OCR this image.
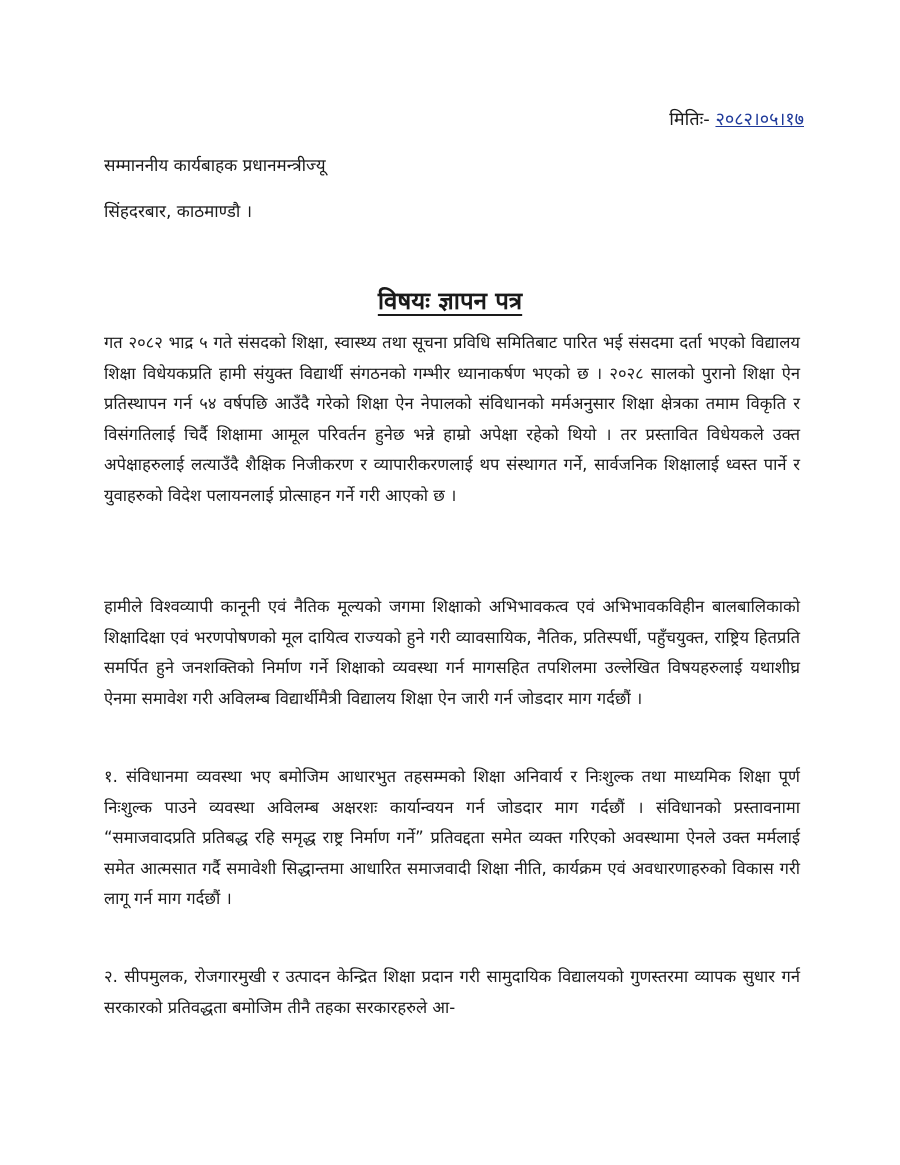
मितिः- २०८२।०५।१७
सम्माननीय कार्यबाहक प्रधानमन्त्रीज्यू
सिंहदरबार, काठमाण्डौ ।
विषयः ज्ञापन पत्र

गत २०८२ भाद्र ५ गते संसदको शिक्षा, स्वास्थ्य तथा सूचना प्रविधि समितिबाट पारित भई संसदमा दर्ता भएको विद्यालय शिक्षा विधेयकप्रति हामी संयुक्त विद्यार्थी संगठनको गम्भीर ध्यानाकर्षण भएको छ । २०२८ सालको पुरानो शिक्षा ऐन प्रतिस्थापन गर्न ५४ वर्षपछि आउँदै गरेको शिक्षा ऐन नेपालको संविधानको मर्मअनुसार शिक्षा क्षेत्रका तमाम विकृति र विसंगतिलाई चिर्दै शिक्षामा आमूल परिवर्तन हुनेछ भन्ने हाम्रो अपेक्षा रहेको थियो । तर प्रस्तावित विधेयकले उक्त अपेक्षाहरुलाई लत्याउँदै शैक्षिक निजीकरण र व्यापारीकरणलाई थप संस्थागत गर्ने, सार्वजनिक शिक्षालाई ध्वस्त पार्ने र युवाहरुको विदेश पलायनलाई प्रोत्साहन गर्ने गरी आएको छ ।

हामीले विश्वव्यापी कानूनी एवं नैतिक मूल्यको जगमा शिक्षाको अभिभावकत्व एवं अभिभावकविहीन बालबालिकाको शिक्षादिक्षा एवं भरणपोषणको मूल दायित्व राज्यको हुने गरी व्यावसायिक, नैतिक, प्रतिस्पर्धी, पहुँचयुक्त, राष्ट्रिय हितप्रति समर्पित हुने जनशक्तिको निर्माण गर्ने शिक्षाको व्यवस्था गर्न मागसहित तपशिलमा उल्लेखित विषयहरुलाई यथाशीघ्र ऐनमा समावेश गरी अविलम्ब विद्यार्थीमैत्री विद्यालय शिक्षा ऐन जारी गर्न जोडदार माग गर्दछौं ।

१. संविधानमा व्यवस्था भए बमोजिम आधारभुत तहसम्मको शिक्षा अनिवार्य र निःशुल्क तथा माध्यमिक शिक्षा पूर्ण निःशुल्क पाउने व्यवस्था अविलम्ब अक्षरशः कार्यान्वयन गर्न जोडदार माग गर्दछौं । संविधानको प्रस्तावनामा “समाजवादप्रति प्रतिबद्ध रहि समृद्ध राष्ट्र निर्माण गर्ने” प्रतिवद्दता समेत व्यक्त गरिएको अवस्थामा ऐनले उक्त मर्मलाई समेत आत्मसात गर्दै समावेशी सिद्धान्तमा आधारित समाजवादी शिक्षा नीति, कार्यक्रम एवं अवधारणाहरुको विकास गरी लागू गर्न माग गर्दछौं ।

२. सीपमुलक, रोजगारमुखी र उत्पादन केन्द्रित शिक्षा प्रदान गरी सामुदायिक विद्यालयको गुणस्तरमा व्यापक सुधार गर्न सरकारको प्रतिवद्धता बमोजिम तीनै तहका सरकारहरुले आ-
